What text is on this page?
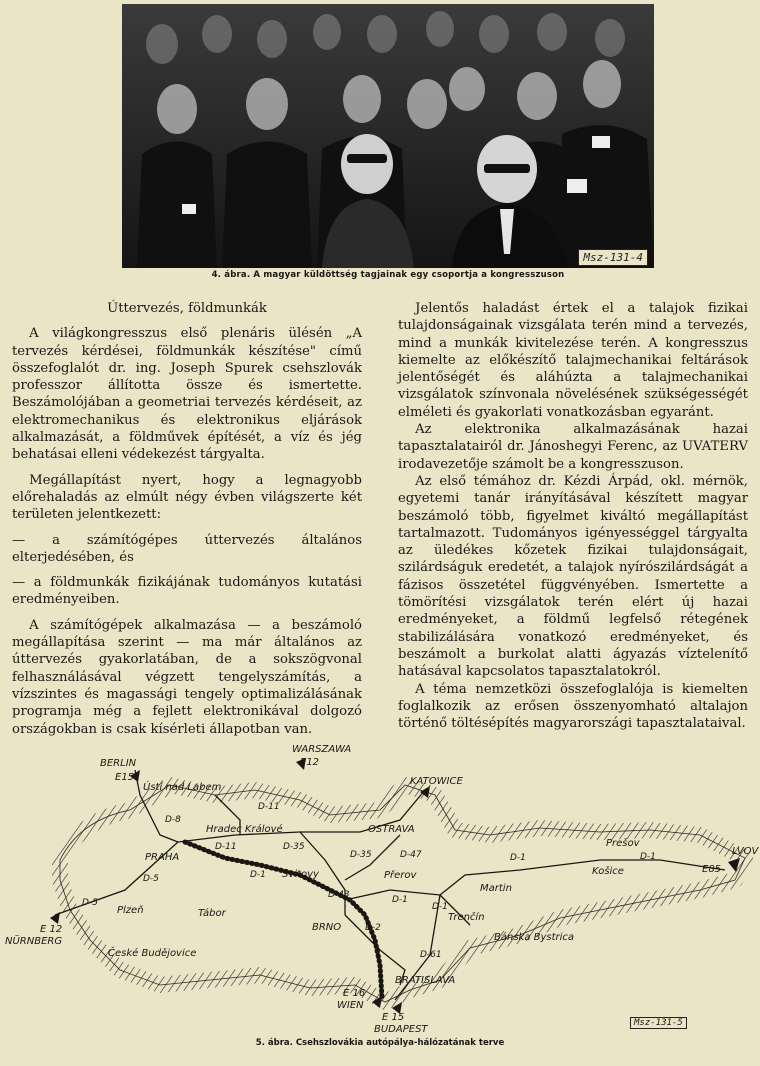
Msz-131-4
4. ábra. A magyar küldöttség tagjainak egy csoportja a kongresszuson
Úttervezés, földmunkák

A világkongresszus első plenáris ülésén „A tervezés kérdései, földmunkák készítése" című összefoglalót dr. ing. Joseph Spurek csehszlovák professzor állította össze és ismertette. Beszámolójában a geometriai tervezés kérdéseit, az elektromechanikus és elektronikus eljárások alkalmazását, a földművek építését, a víz és jég behatásai elleni védekezést tárgyalta.

Megállapítást nyert, hogy a legnagyobb előrehaladás az elmúlt négy évben világszerte két területen jelentkezett:

— a számítógépes úttervezés általános elterjedésében, és

— a földmunkák fizikájának tudományos kutatási eredményeiben.

A számítógépek alkalmazása — a beszámoló megállapítása szerint — ma már általános az úttervezés gyakorlatában, de a sokszögvonal felhasználásával végzett tengelyszámítás, a vízszintes és magassági tengely optimalizálásának programja még a fejlett elektronikával dolgozó országokban is csak kísérleti állapotban van.

Jelentős haladást értek el a talajok fizikai tulajdonságainak vizsgálata terén mind a tervezés, mind a munkák kivitelezése terén. A kongresszus kiemelte az előkészítő talajmechanikai feltárások jelentőségét és aláhúzta a talajmechanikai vizsgálatok színvonala növelésének szükségességét elméleti és gyakorlati vonatkozásban egyaránt.

Az elektronika alkalmazásának hazai tapasztalatairól dr. Jánoshegyi Ferenc, az UVATERV irodavezetője számolt be a kongresszuson.

Az első témához dr. Kézdi Árpád, okl. mérnök, egyetemi tanár irányításával készített magyar beszámoló több, figyelmet kiváltó megállapítást tartalmazott. Tudományos igényességgel tárgyalta az üledékes kőzetek fizikai tulajdonságait, szilárdságuk eredetét, a talajok nyírószilárdságát a fázisos összetétel függvényében. Ismertette a tömörítési vizsgálatok terén elért új hazai eredményeket, a földmű legfelső rétegének stabilizálására vonatkozó eredményeket, és beszámolt a burkolat alatti ágyazás víztelenítő hatásával kapcsolatos tapasztalatokról.

A téma nemzetközi összefoglalója is kiemelten foglalkozik az erősen összenyomható altalajon történő töltésépítés magyarországi tapasztalataival.

BERLIN
E15
WARSZAWA
E12
KATOWICE
Ústí nad Labem
D-8
D-11
D-11
Hradec Králové
D-35
OSTRAVA
D-35	D-47
PRAHA
Svitovy	Přerov
D-1
D-43
D-5
D-5
Plzeň	Tábor
BRNO	D-2
D-1
D-1	D-1
D-1
Martin
Prešov
Košice	E85
LVOV
Trenčín
Bánska Bystrica
D-61
E 12
NÜRNBERG
České Budějovice
BRATISLAVA
E 16
WIEN
E 15
BUDAPEST
Msz-131-5
5. ábra. Csehszlovákia autópálya-hálózatának terve
